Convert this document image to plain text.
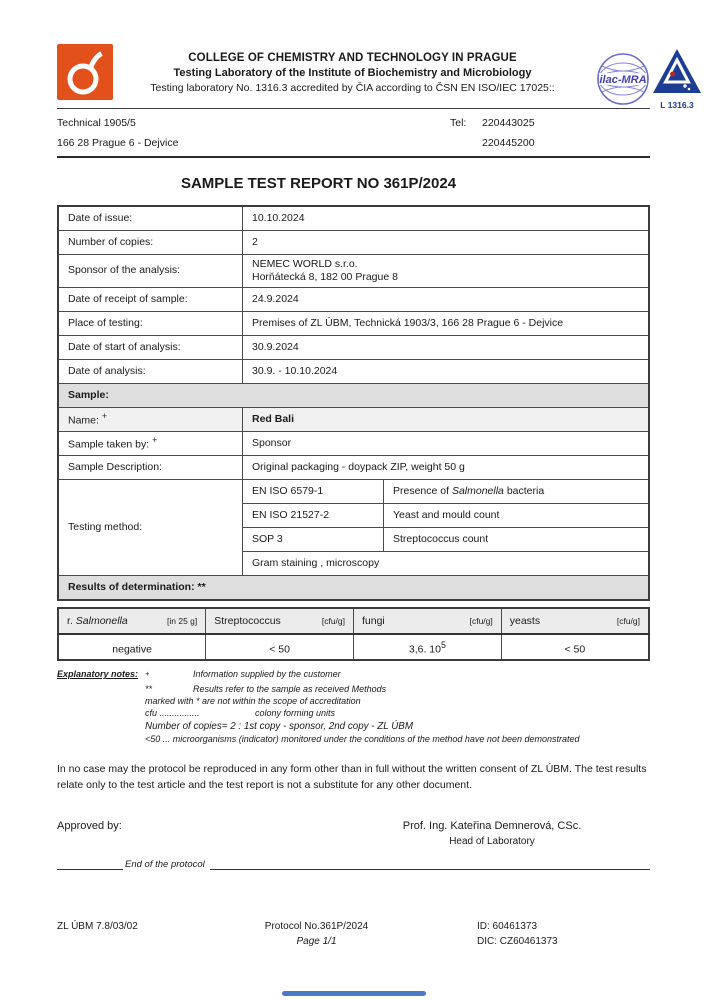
COLLEGE OF CHEMISTRY AND TECHNOLOGY IN PRAGUE
Testing Laboratory of the Institute of Biochemistry and Microbiology
Testing laboratory No. 1316.3 accredited by ČIA according to ČSN EN ISO/IEC 17025::
ilac-MRA
L 1316.3
Technical 1905/5
166 28 Prague 6 - Dejvice
Tel: 220443025
220445200
SAMPLE TEST REPORT NO 361P/2024
Date of issue:	10.10.2024	
Number of copies:	2	
Sponsor of the analysis:	NEMEC WORLD s.r.o.
Horňátecká 8, 182 00 Prague 8	

Date of receipt of sample:	24.9.2024	
Place of testing:	Premises of ZL ÚBM, Technická 1903/3, 166 28 Prague 6 - Dejvice	
Date of start of analysis:	30.9.2024	
Date of analysis:	30.9. - 10.10.2024	
Sample:		
Name: +	Red Bali	
Sample taken by: +	Sponsor	
Sample Description:	Original packaging - doypack ZIP, weight 50 g	
Testing method:	EN ISO 6579-1	Presence of Salmonella bacteria
	EN ISO 21527-2	Yeast and mould count
	SOP 3	Streptococcus count
	Gram staining , microscopy	
Results of determination: **		
r. Salmonella [in 25 g]	Streptococcus [cfu/g]	fungi [cfu/g]	yeasts [cfu/g]

negative	< 50	3,6. $10^5$	< 50
Explanatory notes: +	Information supplied by the customer
**	Results refer to the sample as received Methods
marked with * are not within the scope of accreditation
cfu ................	colony forming units
Number of copies= 2 : 1st copy - sponsor, 2nd copy - ZL ÚBM
<50 ... microorganisms (indicator) monitored under the conditions of the method have not been demonstrated
In no case may the protocol be reproduced in any form other than in full without the written consent of ZL ÚBM. The test results relate only to the test article and the test report is not a substitute for any other document.
Approved by:	Prof. Ing. Kateřina Demnerová, CSc.
Head of Laboratory
End of the protocol
ZL ÚBM 7.8/03/02	Protocol No.361P/2024
Page 1/1
ID: 60461373
DIC: CZ60461373
